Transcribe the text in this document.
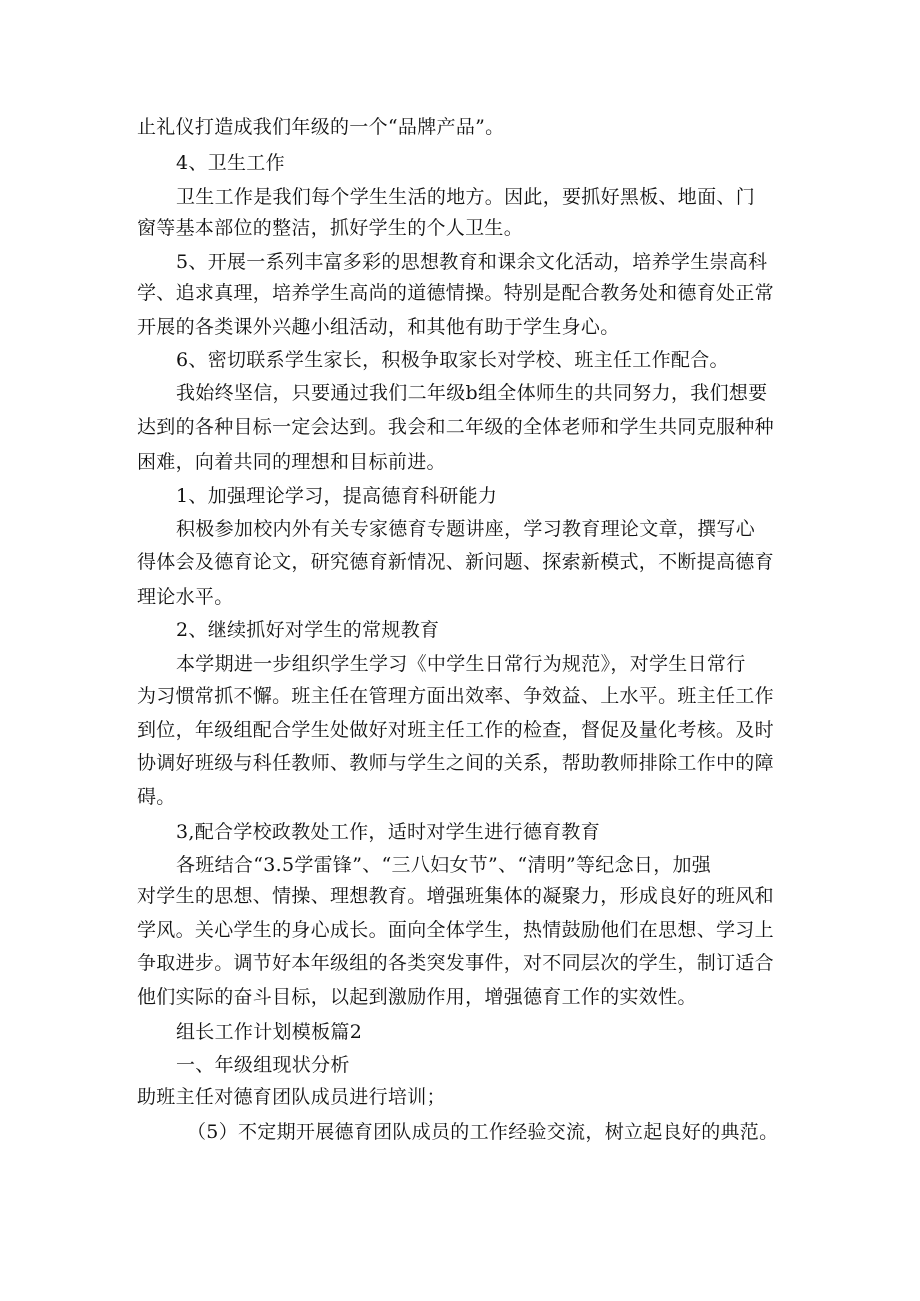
止礼仪打造成我们年级的一个“品牌产品”。
4、卫生工作
卫生工作是我们每个学生生活的地方。因此，要抓好黑板、地面、门
窗等基本部位的整洁，抓好学生的个人卫生。
5、开展一系列丰富多彩的思想教育和课余文化活动，培养学生崇高科
学、追求真理，培养学生高尚的道德情操。特别是配合教务处和德育处正常
开展的各类课外兴趣小组活动，和其他有助于学生身心。
6、密切联系学生家长，积极争取家长对学校、班主任工作配合。
我始终坚信，只要通过我们二年级b组全体师生的共同努力，我们想要
达到的各种目标一定会达到。我会和二年级的全体老师和学生共同克服种种
困难，向着共同的理想和目标前进。
1、加强理论学习，提高德育科研能力
积极参加校内外有关专家德育专题讲座，学习教育理论文章，撰写心
得体会及德育论文，研究德育新情况、新问题、探索新模式，不断提高德育
理论水平。
2、继续抓好对学生的常规教育
本学期进一步组织学生学习《中学生日常行为规范》，对学生日常行
为习惯常抓不懈。班主任在管理方面出效率、争效益、上水平。班主任工作
到位，年级组配合学生处做好对班主任工作的检查，督促及量化考核。及时
协调好班级与科任教师、教师与学生之间的关系，帮助教师排除工作中的障
碍。
3,配合学校政教处工作，适时对学生进行德育教育
各班结合“3.5学雷锋”、“三八妇女节”、“清明”等纪念日，加强
对学生的思想、情操、理想教育。增强班集体的凝聚力，形成良好的班风和
学风。关心学生的身心成长。面向全体学生，热情鼓励他们在思想、学习上
争取进步。调节好本年级组的各类突发事件，对不同层次的学生，制订适合
他们实际的奋斗目标，以起到激励作用，增强德育工作的实效性。
组长工作计划模板篇2
一、年级组现状分析
助班主任对德育团队成员进行培训；
（5）不定期开展德育团队成员的工作经验交流，树立起良好的典范。
